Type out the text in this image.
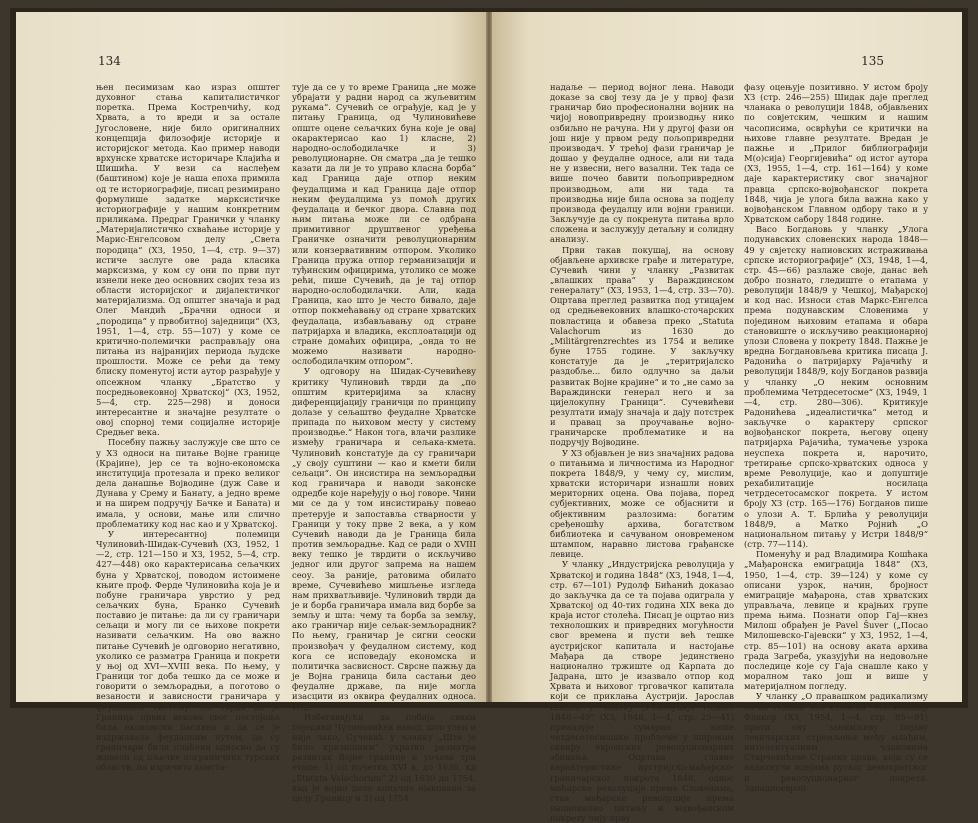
134

њен песимизам као израз општег духовног стања капиталистичког поретка. Према Кострenчићу, код Хрвата, а то вреди и за остале Југословене, није било оригиналних концепција филозофије историје и историјског метода. Као пример наводи врхунске хрватске историчаре Клајића и Шишића. У вези са наслеђем (баштином) које је наша епоха примила од те историографије, писац резимирано формулише задатке марксистичке историографије у нашим конкретним приликама. Предраг Гранички у чланку „Материјалистичко схваћање историје у Марис-Енгелсовом делу „Света породица“ (ХЗ, 1950, 1—4, стр. 9—37) истиче заслуге ове рада класика марксизма, у ком су они по први пут изнели неке део основних својих теза из области историјског и дијалектичког материјализма. Од општег значаја и рад Олег Мандић „Брачни односи и „породица“ у првобитној заједници“ (ХЗ, 1951, 1—4, стр. 55—107) у коме се критично-полемички расправљају она питања из најранијих периода људске прошлости. Може се рећи да тему блиску поменутој исти аутор разрађује у опсежном чланку „Братство у посредњовековној Хрватској“ (ХЗ, 1952, 5—4, стр. 225—298) и доноси интересантне и значајне резултате о овој спорној теми социјалне историје Средњег века.

Посебну пажњу заслужује све што се у ХЗ односи на питање Војне границе (Крајине), јер се та војно-економска институција протезала и преко великог дела данашње Војводине (дуж Саве и Дунава у Срему и Банату, а једно време и на ширем подручју Бачке и Баната) и имала, у основи, мање или слично проблематику код нас као и у Хрватској.

У интересантној полемици Чулиновић-Шидак-Сучевић (ХЗ, 1952, 1—2, стр. 121—150 и ХЗ, 1952, 5—4, стр. 427—448) око карактерисања сељачких буна у Хрватској, поводом истоимене књиге проф. Ферде Чулиновића која је и побуне граничара уврстио у ред сељачких буна, Бранко Сучевић поставио је питање: да ли су граничари сељаци и могу ли се њихове покрети називати сељачким. На ово важно питање Сучевић је одговорио негативно, уколико се разматра Граница и покрети у њој од XVI—XVIII века. По њему, у Граници тог доба тешко да се може и говорити о земљорадњи, а поготово о везаности и зависности граничара у феудалном систему. Он тврди да је Граница првих векова свог постојања била економски пасивна и да се је издржавала феудалним путем, да су граничари били плаћени односно да су живели од пљачке пограничних турских области, па изричито конста-

тује да се у то време Граница „не може убрајати у радни народ са жуљевитим рукама“. Сучевић се ограђује, кад је у питању Граница, од Чулиновићеве опште оцене сељачких буна које је овај окарактерисао као 1) класне, 2) народно-ослободилачке и 3) револуционарне. Он сматра „да је тешко казати да ли је то управо класна борба“ кад Граница даје отпор неким феудалцима и кад Граница даје отпор неким феудалцима уз помоћ других феудалаца и бечког двора. Славна под њим питања може ли се одбрана примитивног друштвеног уређења Граничке означити револуционарним или конзервативним отпором. Уколико Граница пружа отпор германизацији и туђинским официрима, утолико се може рећи, пише Сучевић, да је тај отпор народно-ослободилачки. Али, када Граница, као што је често бивало, даје отпор покмећавању од стране хрватских феудалаца, избављавању од стране патријарха и владика, експлоатацији од стране домаћих официра, „онда то не можемо називати народно-ослободилачким отпором“.

У одговору на Шидак-Сучевићеву критику Чулиновић тврди да „по општим критеријима за класну диференцијацију граничци по принципу долазе у сељаштво феудалне Хрватске припада по њиховом месту у систему производње.“ Након тога, влачи разлике између граничара и сељака-кмета. Чулиновић констатује да су граничари „у своју суштини — као и кмети били сељаци“. Он инсистира на земљорадњи код граничара и наводи законске одредбе које наређују о њој говоре. Чини ми се да у том инсистирању повеао претерује и запоставља стварности у Граници у току прве 2 века, а у ком Сучевић наводи да је Граница била против земљорадње. Кад се ради о XVIII веку тешко је тврдити о искључиво једног или другог запрема на нашем сеоу. За раније, ратовима обилато време, Сучевићево мишљење изгледа нам прихватљивије. Чулиновић тврди да је и борба граничара имала вид борбе за земљу и шта: чему та борба за земљу, ако граничар није сељак-земљорадник? По њему, граничар је сигни сеоски произвођач у феудалном систему, код кога се исповедају економска и политичка засвисност. Сврсне пажњу да је Војна граница била састањи део феудалне државе, па није могла изасцити из оквира феудалних односа. Итд.

Избегавајући да побија сваки поједини Чулиновићев навод, што улен и није лако, Сучевић у чланку „Шта је било кризишним“ укратко разматра развитак Војне границе и уочава три етапе: 1) од почетка XVI в. до 1630, кд „Statuta Valachorum“ 2) од 1630 до 1754, кад је војно дело коначно ојаковано за целу Границу и 3) од 1754

135

надаље — период војног лена. Наводи доказе за свој тезу да је у првој фази граничар био професионални војник на чијој новопривредну производњу нико озбиљно не рачуна. Ни у другој фази он још није у првом реду пољопривредни производач. У трећој фази граничар је дошао у феудалне односе, али ни тада не у извесни, него вазални. Тек тада се више почео бавити пољопривредном производњом, али ни тада та производња није била основа за подјелу производа феудалцу или војни граници. Закључује да су покренута питања врло сложена и заслужују детаљну и солидну анализу.

Први такав покушај, на основу објављене архивске грађе и литературе, Сучевић чини у чланку „Развитак „влашких права“ у Вараждинском генералату“ (ХЗ, 1953, 1—4, стр. 33—70). Оцртава преглед развитка под утицајем од средњевековних влашко-сточарских повластица и обавеза преко „Statuta Valachorum из 1630 до „Militärgrenzrechtes из 1754 и велике буне 1755 године. У закључку констатује да је „теритријалско раздобље... било одлучно за даљи развитак Војне крајине“ и то „не само за Вараждински генерал него и за цијелокупну Граници“. Сучевићеви резултати имају значаја и дају потстрек и правац за проучавање војно-граничарске проблематике и на подручју Војводине.

У ХЗ објављен је низ значајних радова о питањима и личностима из Народног покрета 1848/9, у чему су, мислим, хрватски историчари изнашли нових мериторних оцена. Ова појава, поред субјективних, може се објаснити и објективним разлозима: богатим сређеношћу архива, богатством библиотека и сачуваном оновременом штампом, наравно листова грађанске левице.

У чланку „Индустријска револуција у Хрватској и година 1848“ (ХЗ, 1948, 1—4, стр. 67—101) Рудолф Бићанић доказао до закључка да се та појава одиграла у Хрватској од 40-тих година XIX века до краја истог столећа. Писац је оцртао низ технолошких и привредних могућности свог времена и пусти већ тешке аустријског капитала и настојање Мађара да створе јединствено национално тржиште од Карпата до Јадрана, што је изазвало отпор код Хрвата и њиховог трговачког капитала који се приклања Аустрији. Јарослав Шидак у чланку „Револуција године 1848—49“ (ХЗ, 1948, 1—4, стр. 25—41) приказује сумарно наше четдесетосмашке проблеме у широком оквиру европских револуционарних збивања. Оцртава главне карактеристике аустријско-мађарско-граничарског покрета 1848, однос мађарске револуције према Словенима, став мађарске револуције према национално питању и војвођанском покрету чију прву

фазу оцењује позитивно. У истом броју ХЗ (стр. 246—255) Шидак даје преглед чланака о револуцији 1848, објављених по совјетским, чешким и нашим часописима, осврћући се критички на њихове главне резултате. Вредан је пажње и „Прилог библиографији М(о)сија) Георгијевића“ од истог аутора (ХЗ, 1955, 1—4, стр. 161—164) у коме даје карактеристику свог значајног правца српско-војвођанског покрета 1848, чија је улога била важна како у војвођанском Главном одбору тако и у Хрватском сабору 1848 године.

Васо Богдановь у чланку „Улога подунавских словенских народа 1848—49 у свјетску напиовских истраживања српске историографије“ (ХЗ, 1948, 1—4, стр. 45—66) разлаже своје, данас већ добро познато, гледиште о етапама у револуцији 1848/9 у Чешкој, Мађарској и код нас. Износи став Маркс-Енгелса према подунавским Словенима у поједином њиховим етапама и обара становиште о искључиво реакционарној улози Словена у покрету 1848. Пажње је вредна Богдановљева критика писаца Ј. Радонића о патријарху Рајачићу и револуцији 1848/9, коју Богданов развија у чланку „О неким основним проблемима Четрдесетосме“ (ХЗ, 1949, 1—4, стр. 280—306). Критикује Радонићева „идеалистичка“ метод и закључке о карактеру српског војвођанског покрета, његову оцену патријарха Рајачића, тумачење узрока неуспеха покрета и, нарочито, третирање српско-хрватских односа у време Револуције, као и допуштије рехабилитације носилаца четрдесетосамског покрета. У истом броју ХЗ (стр. 165—176) Богданов пише о улози А. Т. Брлића у револуцији 1848/9, а Матко Ројнић „О национальном питању у Истри 1848/9“ (стр. 77—114).

Поменућу и рад Владимира Кошћака „Мађаронска емиграција 1848“ (ХЗ, 1950, 1—4, стр. 39—124) у коме су описани узрок, начин, бројност емиграције мађарона, став хрватских управљача, левице и крајњих групе према њима. Познати опор Гај—кнез Милош обрађен је Pavel Šuver („Посао Милошевско-Гајевски“ у ХЗ, 1952, 1—4, стр. 85—101) на основу аката архива града Загреба, указујући на недовољне последице које су Гаја снашле како у моралном тако још и више у материјалном погледу.

У чланку „О правашком радикализму 60-их година XIX столећа“ Александар Флакер (ХЗ, 1954, 1—4, стр. 85—91) прати ову занимљиву појаву левичарских стремљења међу млађим, интелектуалним члановима Старчевићеве Странке права, који су се надахнули идејама руског демократског и револуционарног покрета. Западноевроп-
